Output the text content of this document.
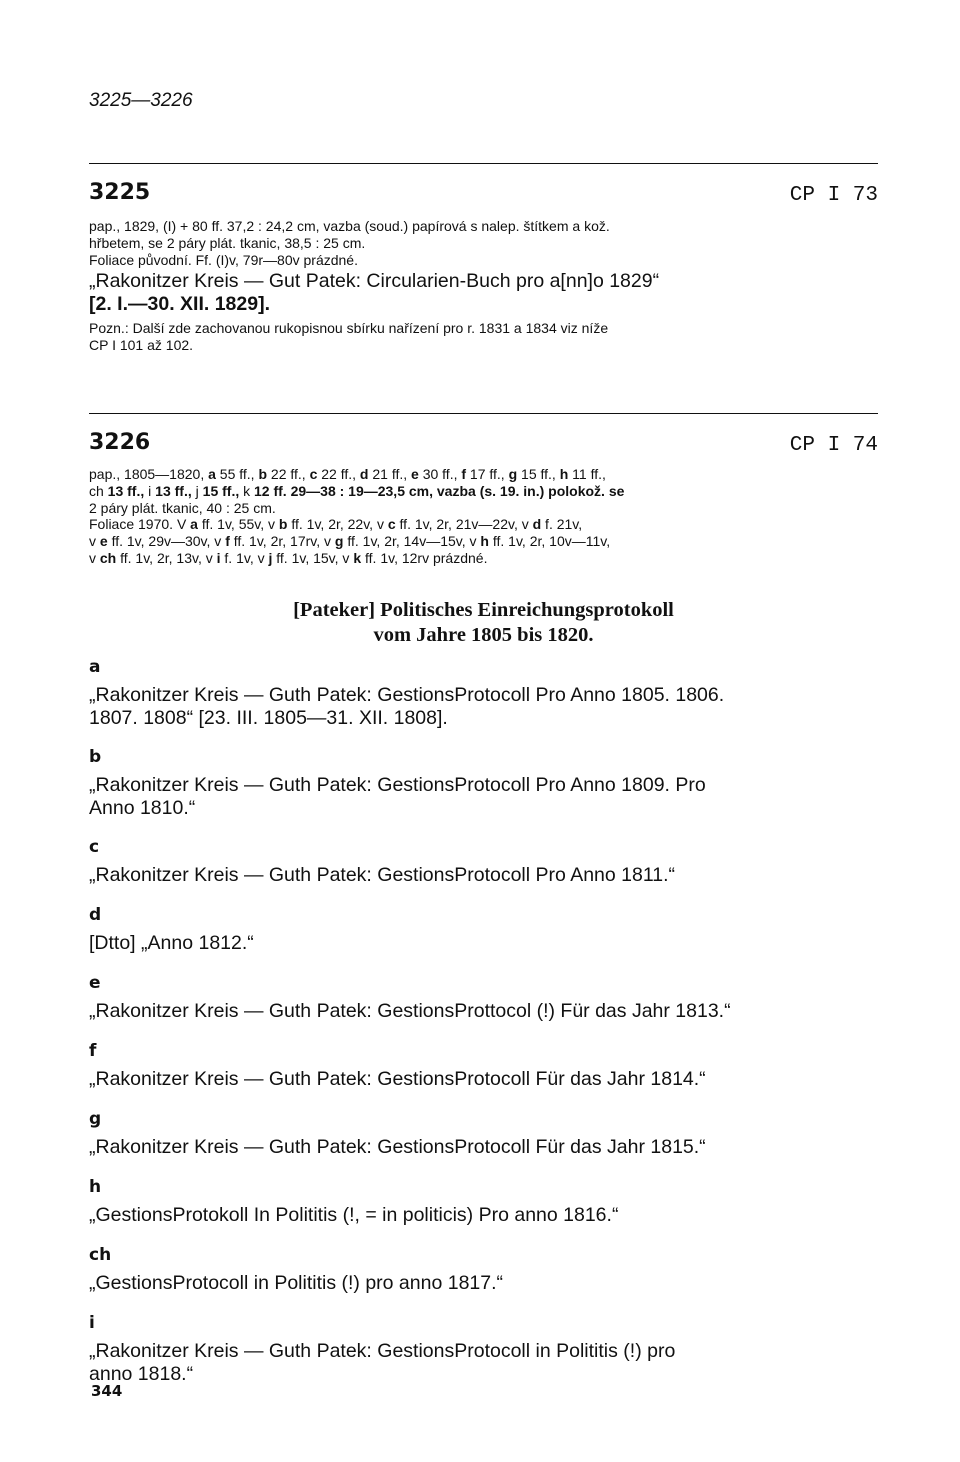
3225—3226
3225	CP I 73

pap., 1829, (I) + 80 ff. 37,2 : 24,2 cm, vazba (soud.) papírová s nalep. štítkem a kož.
hřbetem, se 2 páry plát. tkanic, 38,5 : 25 cm.
Foliace původní. Ff. (I)v, 79r—80v prázdné.

„Rakonitzer Kreis — Gut Patek: Circularien-Buch pro a[nn]o 1829“
[2. I.—30. XII. 1829].

Pozn.: Další zde zachovanou rukopisnou sbírku nařízení pro r. 1831 a 1834 viz níže
CP I 101 až 102.

3226	CP I 74

pap., 1805—1820, a 55 ff., b 22 ff., c 22 ff., d 21 ff., e 30 ff., f 17 ff., g 15 ff., h 11 ff.,
ch 13 ff., i 13 ff., j 15 ff., k 12 ff. 29—38 : 19—23,5 cm, vazba (s. 19. in.) polokož. se
2 páry plát. tkanic, 40 : 25 cm.
Foliace 1970. V a ff. 1v, 55v, v b ff. 1v, 2r, 22v, v c ff. 1v, 2r, 21v—22v, v d f. 21v,
v e ff. 1v, 29v—30v, v f ff. 1v, 2r, 17rv, v g ff. 1v, 2r, 14v—15v, v h ff. 1v, 2r, 10v—11v,
v ch ff. 1v, 2r, 13v, v i f. 1v, v j ff. 1v, 15v, v k ff. 1v, 12rv prázdné.

[Pateker] Politisches Einreichungsprotokoll
vom Jahre 1805 bis 1820.

a

„Rakonitzer Kreis — Guth Patek: GestionsProtocoll Pro Anno 1805. 1806.
1807. 1808“ [23. III. 1805—31. XII. 1808].

b

„Rakonitzer Kreis — Guth Patek: GestionsProtocoll Pro Anno 1809. Pro
Anno 1810.“

c

„Rakonitzer Kreis — Guth Patek: GestionsProtocoll Pro Anno 1811.“

d

[Dtto] „Anno 1812.“

e

„Rakonitzer Kreis — Guth Patek: GestionsProttocol (!) Für das Jahr 1813.“

f

„Rakonitzer Kreis — Guth Patek: GestionsProtocoll Für das Jahr 1814.“

g

„Rakonitzer Kreis — Guth Patek: GestionsProtocoll Für das Jahr 1815.“

h

„GestionsProtokoll In Polititis (!, = in politicis) Pro anno 1816.“

ch

„GestionsProtocoll in Polititis (!) pro anno 1817.“

i

„Rakonitzer Kreis — Guth Patek: GestionsProtocoll in Polititis (!) pro
anno 1818.“

344
